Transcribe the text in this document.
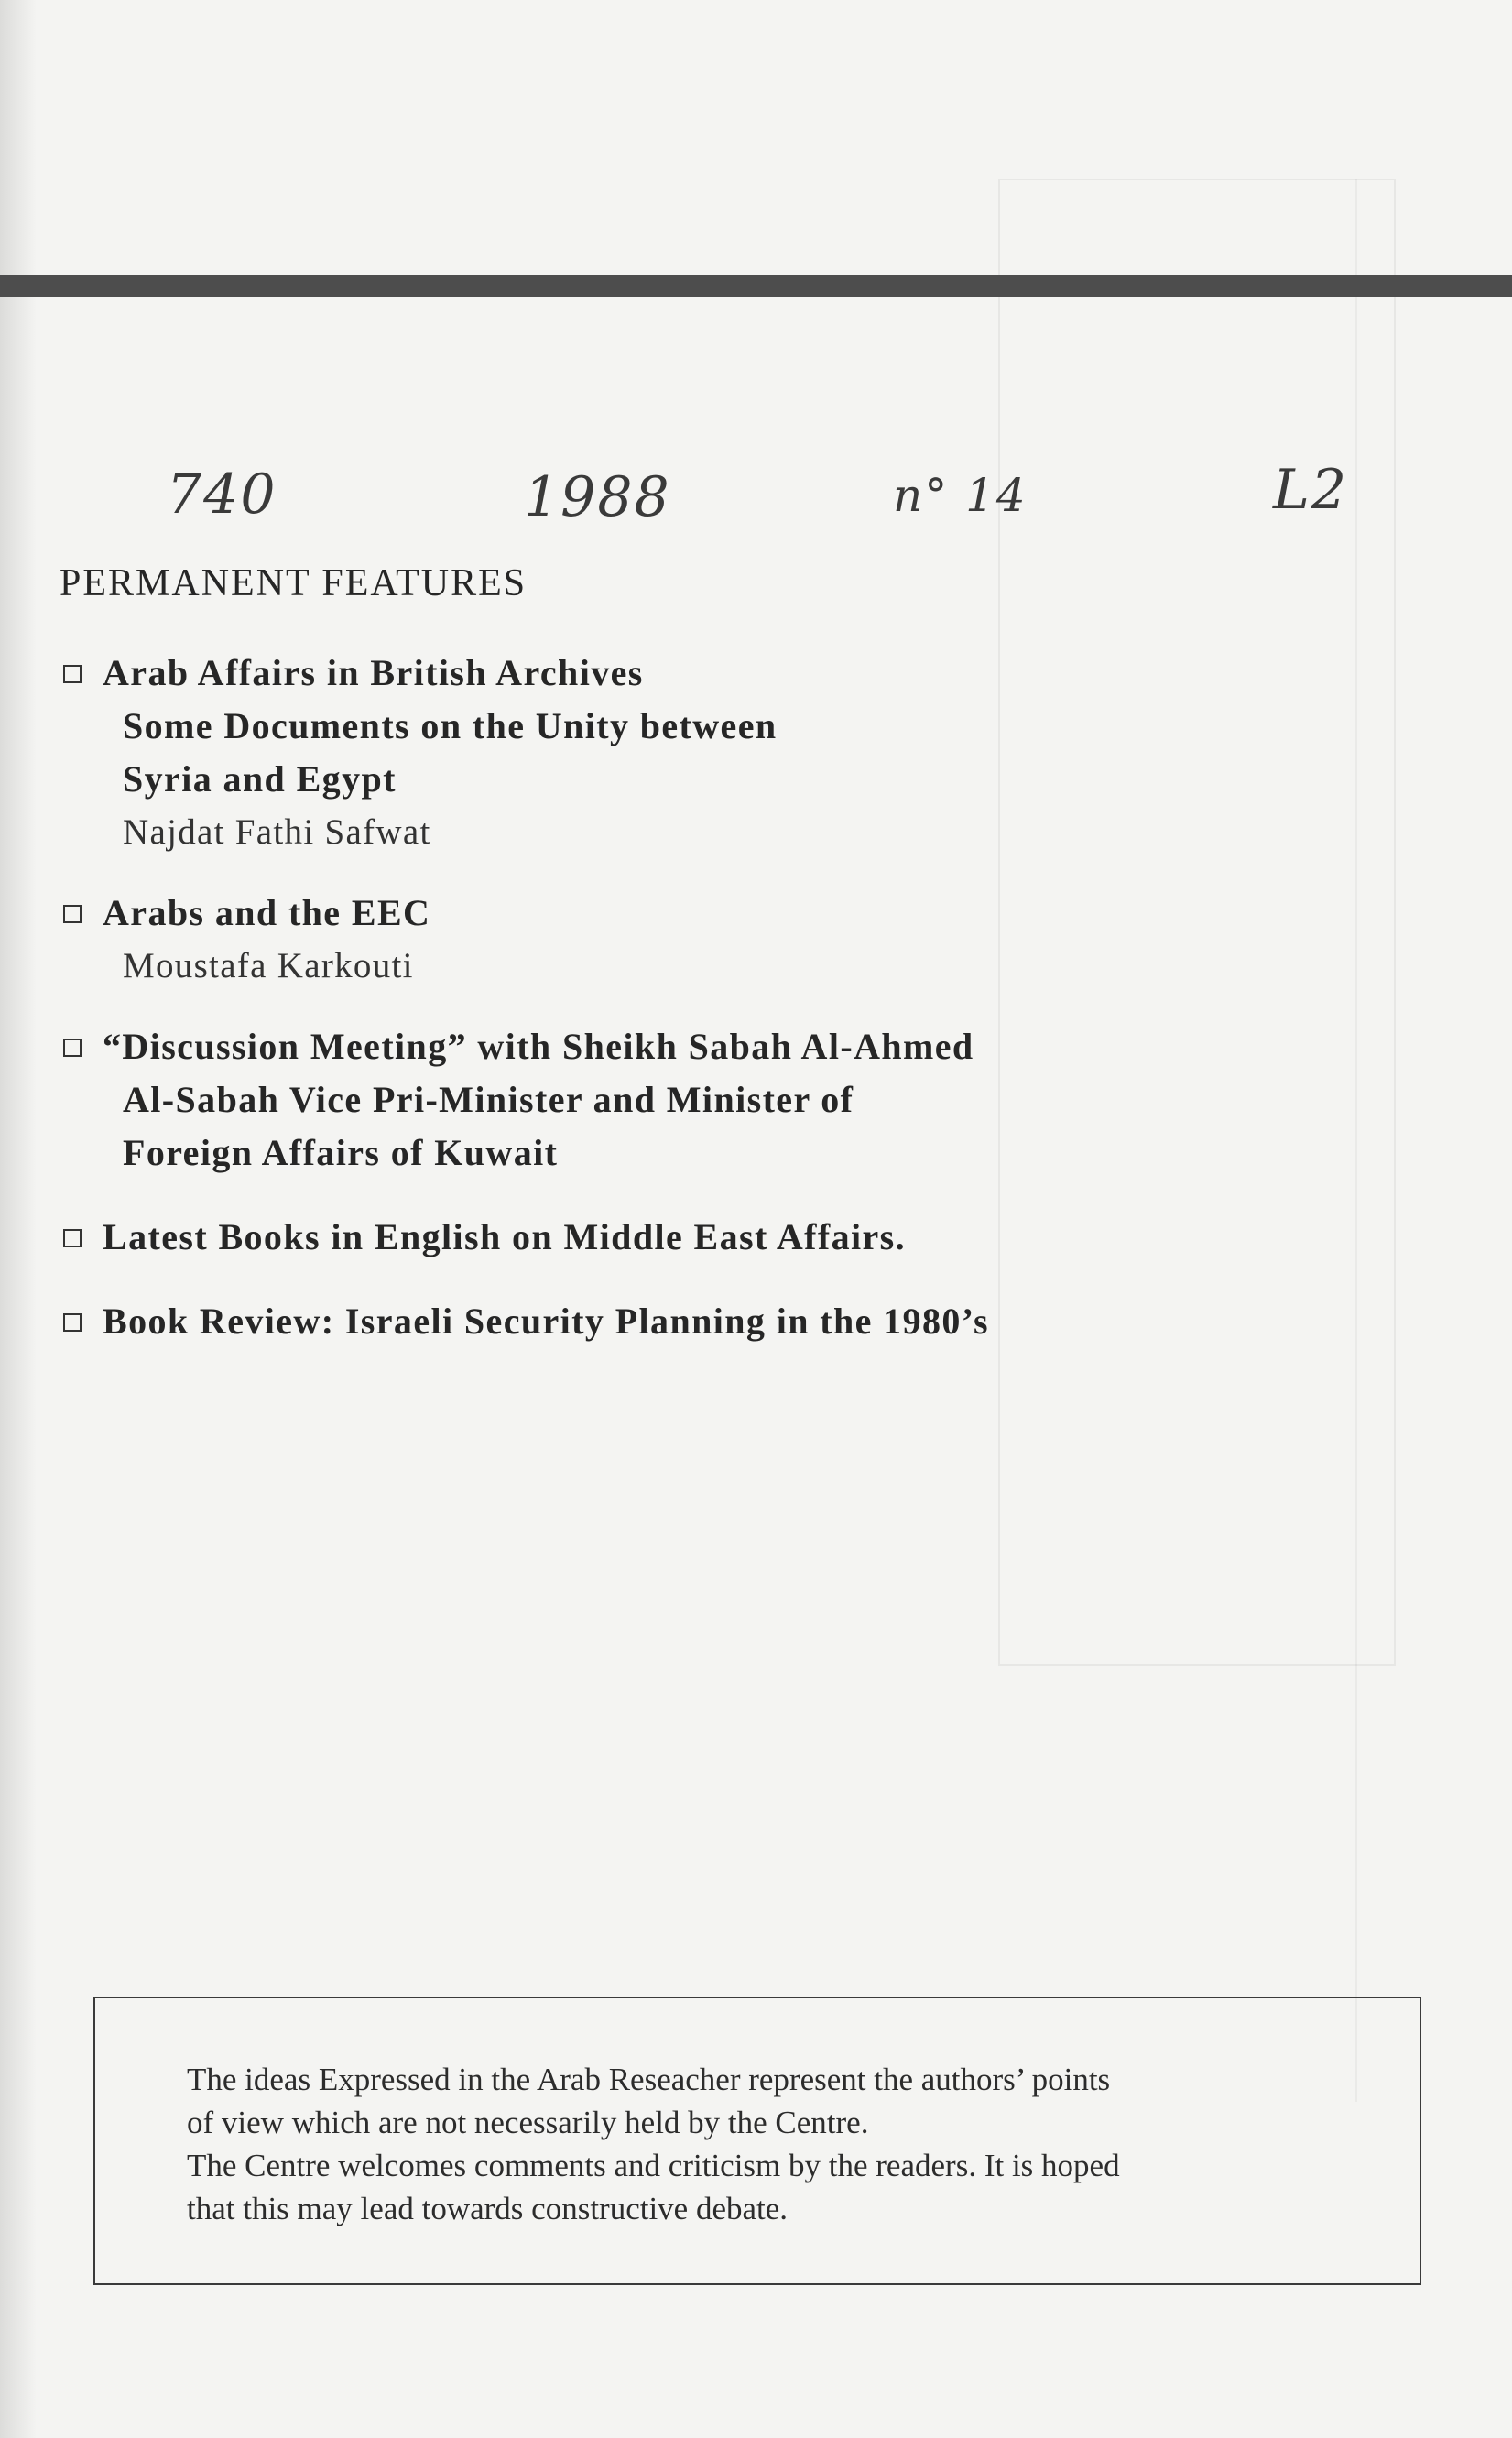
740	1988	n° 14	L2
PERMANENT FEATURES
Arab Affairs in British Archives
Some Documents on the Unity between
Syria and Egypt
Najdat Fathi Safwat
Arabs and the EEC
Moustafa Karkouti
“Discussion Meeting” with Sheikh Sabah Al-Ahmed
Al-Sabah Vice Pri-Minister and Minister of
Foreign Affairs of Kuwait
Latest Books in English on Middle East Affairs.
Book Review: Israeli Security Planning in the 1980’s

The ideas Expressed in the Arab Reseacher represent the authors’ points
of view which are not necessarily held by the Centre.
The Centre welcomes comments and criticism by the readers. It is hoped
that this may lead towards constructive debate.
